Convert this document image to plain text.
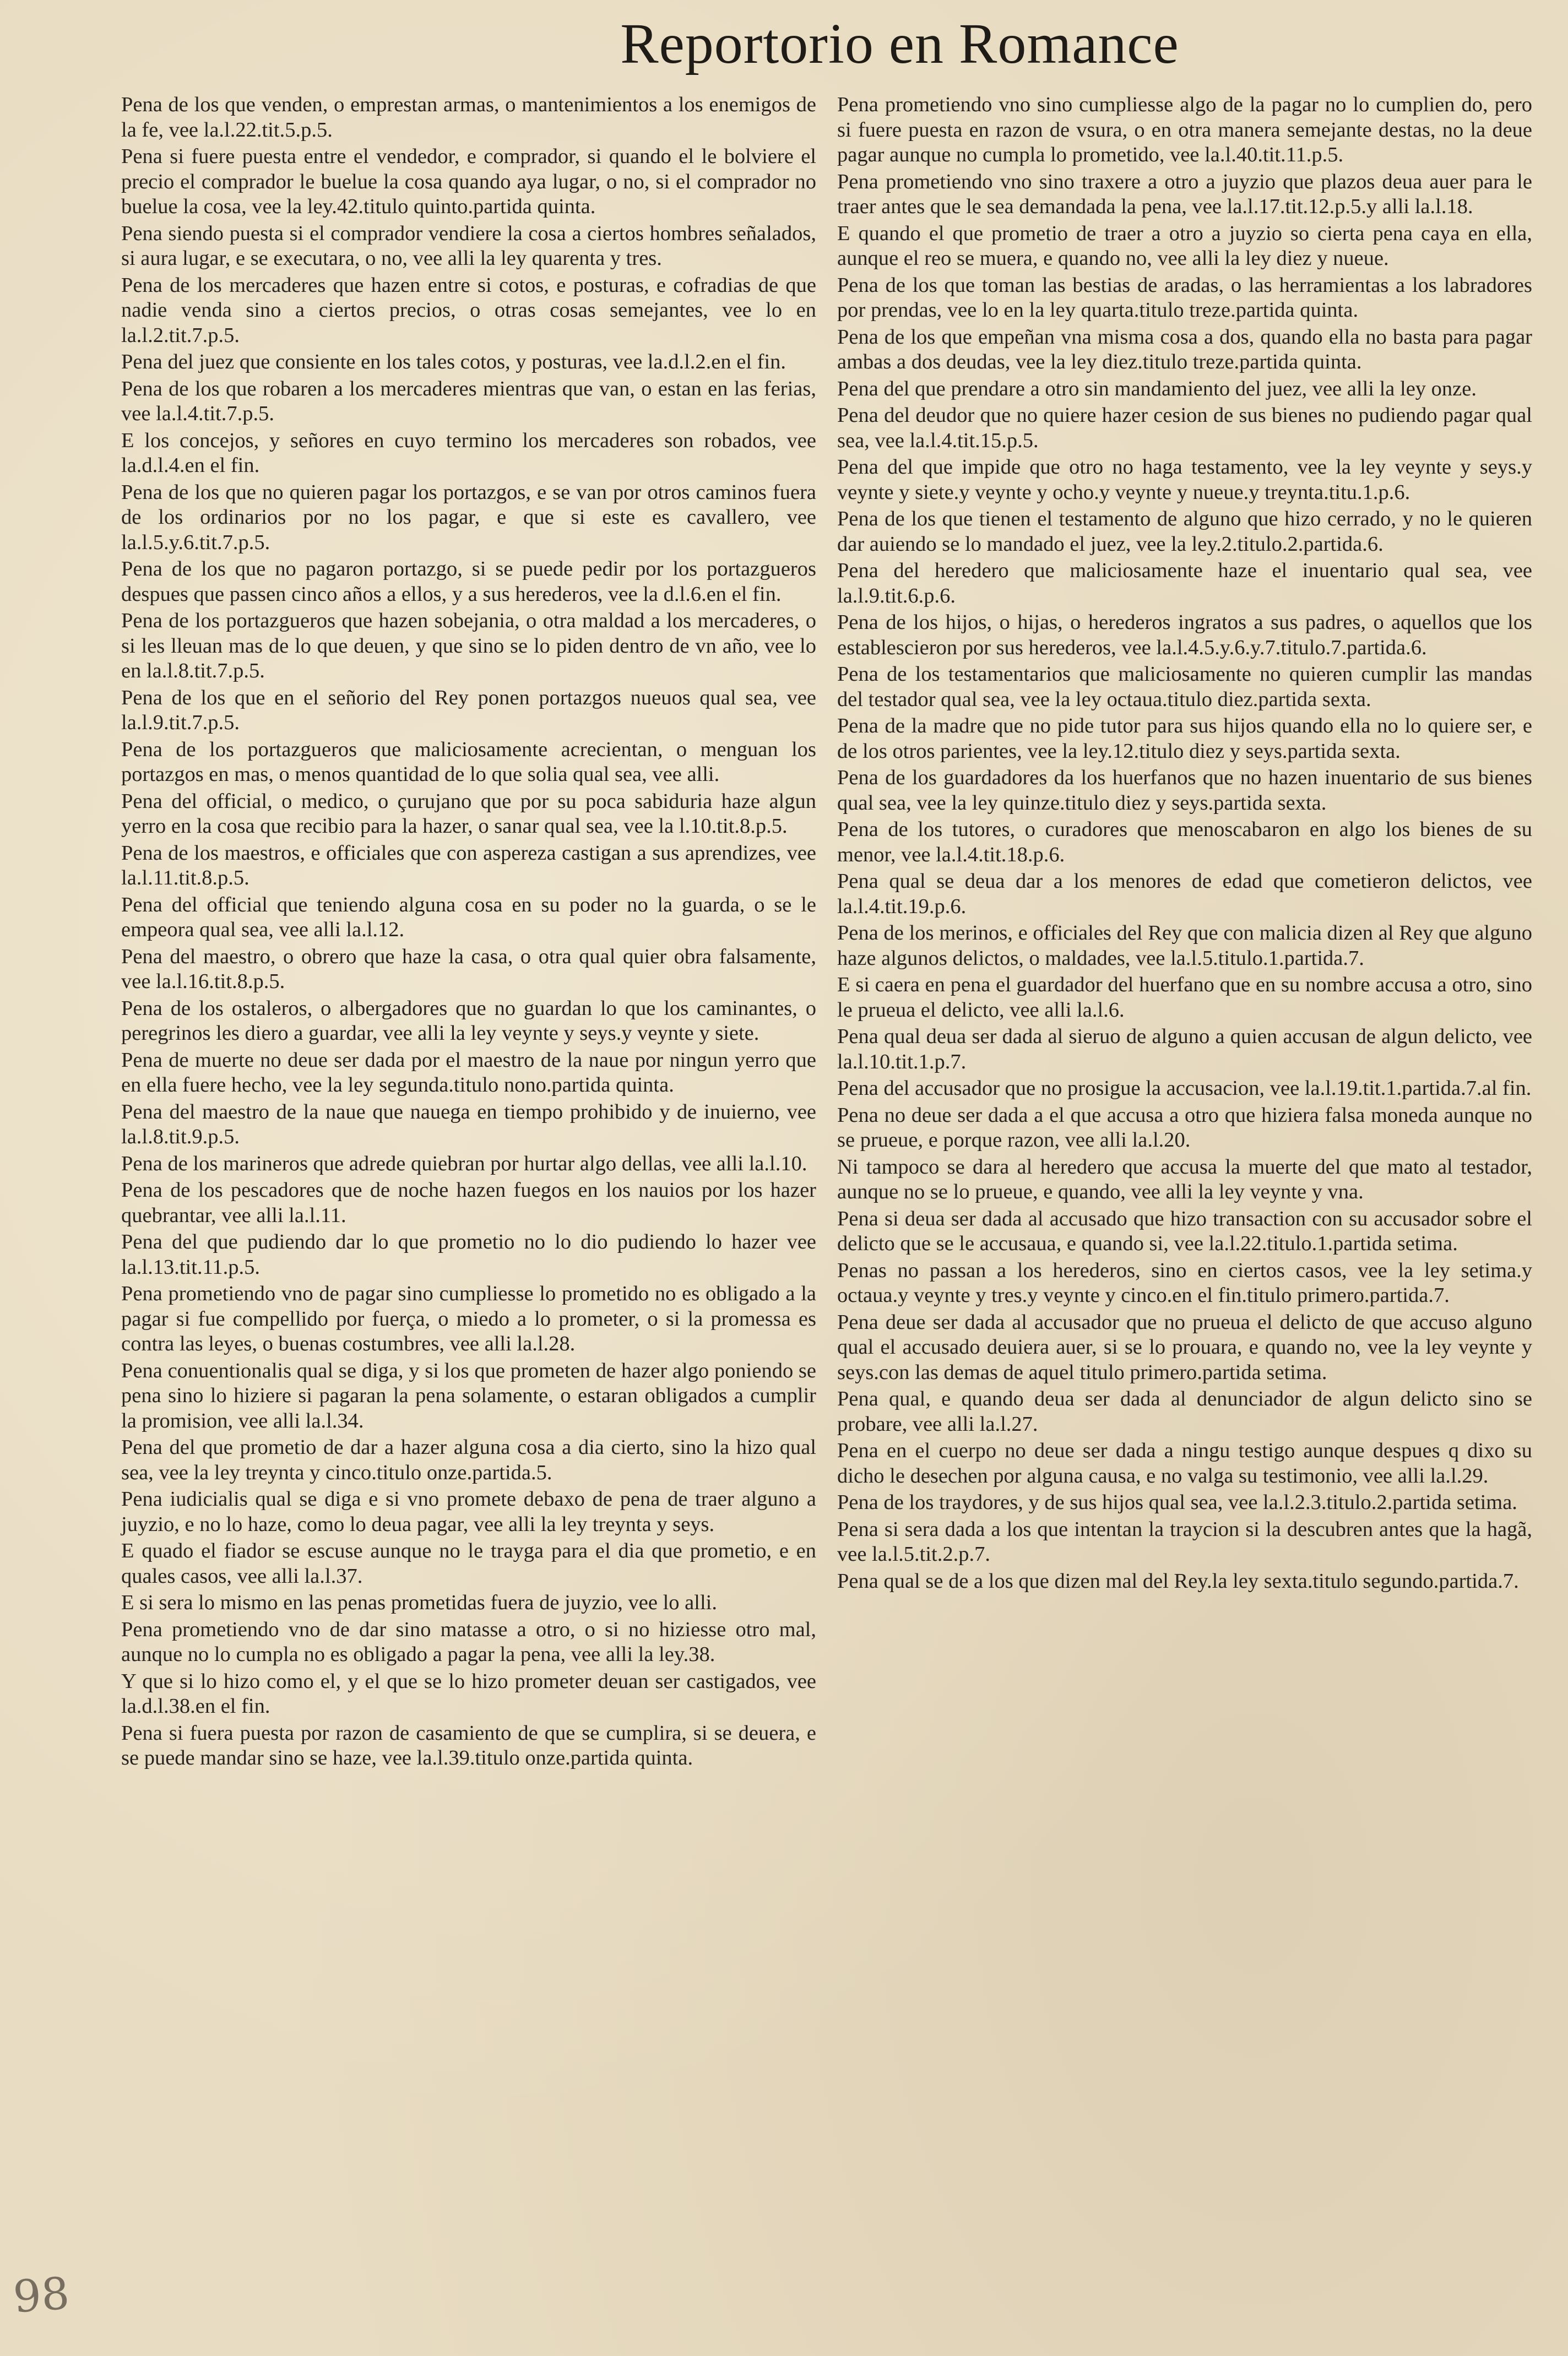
Reportorio en Romance

Pena de los que venden, o emprestan armas, o mantenimientos a los enemigos de la fe, vee la.l.22.tit.5.p.5.

Pena si fuere puesta entre el vendedor, e comprador, si quando el le bolviere el precio el comprador le buelue la cosa quando aya lugar, o no, si el comprador no buelue la cosa, vee la ley.42.titulo quinto.partida quinta.

Pena siendo puesta si el comprador vendiere la cosa a ciertos hombres señalados, si aura lugar, e se executara, o no, vee alli la ley quarenta y tres.

Pena de los mercaderes que hazen entre si cotos, e posturas, e cofradias de que nadie venda sino a ciertos precios, o otras cosas semejantes, vee lo en la.l.2.tit.7.p.5.

Pena del juez que consiente en los tales cotos, y posturas, vee la.d.l.2.en el fin.

Pena de los que robaren a los mercaderes mientras que van, o estan en las ferias, vee la.l.4.tit.7.p.5.

E los concejos, y señores en cuyo termino los mercaderes son robados, vee la.d.l.4.en el fin.

Pena de los que no quieren pagar los portazgos, e se van por otros caminos fuera de los ordinarios por no los pagar, e que si este es cavallero, vee la.l.5.y.6.tit.7.p.5.

Pena de los que no pagaron portazgo, si se puede pedir por los portazgueros despues que passen cinco años a ellos, y a sus herederos, vee la d.l.6.en el fin.

Pena de los portazgueros que hazen sobejania, o otra maldad a los mercaderes, o si les lleuan mas de lo que deuen, y que sino se lo piden dentro de vn año, vee lo en la.l.8.tit.7.p.5.

Pena de los que en el señorio del Rey ponen portazgos nueuos qual sea, vee la.l.9.tit.7.p.5.

Pena de los portazgueros que maliciosamente acrecientan, o menguan los portazgos en mas, o menos quantidad de lo que solia qual sea, vee alli.

Pena del official, o medico, o çurujano que por su poca sabiduria haze algun yerro en la cosa que recibio para la hazer, o sanar qual sea, vee la l.10.tit.8.p.5.

Pena de los maestros, e officiales que con aspereza castigan a sus aprendizes, vee la.l.11.tit.8.p.5.

Pena del official que teniendo alguna cosa en su poder no la guarda, o se le empeora qual sea, vee alli la.l.12.

Pena del maestro, o obrero que haze la casa, o otra qual quier obra falsamente, vee la.l.16.tit.8.p.5.

Pena de los ostaleros, o albergadores que no guardan lo que los caminantes, o peregrinos les diero a guardar, vee alli la ley veynte y seys.y veynte y siete.

Pena de muerte no deue ser dada por el maestro de la naue por ningun yerro que en ella fuere hecho, vee la ley segunda.titulo nono.partida quinta.

Pena del maestro de la naue que nauega en tiempo prohibido y de inuierno, vee la.l.8.tit.9.p.5.

Pena de los marineros que adrede quiebran por hurtar algo dellas, vee alli la.l.10.

Pena de los pescadores que de noche hazen fuegos en los nauios por los hazer quebrantar, vee alli la.l.11.

Pena del que pudiendo dar lo que prometio no lo dio pudiendo lo hazer vee la.l.13.tit.11.p.5.

Pena prometiendo vno de pagar sino cumpliesse lo prometido no es obligado a la pagar si fue compellido por fuerça, o miedo a lo prometer, o si la promessa es contra las leyes, o buenas costumbres, vee alli la.l.28.

Pena conuentionalis qual se diga, y si los que prometen de hazer algo poniendo se pena sino lo hiziere si pagaran la pena solamente, o estaran obligados a cumplir la promision, vee alli la.l.34.

Pena del que prometio de dar a hazer alguna cosa a dia cierto, sino la hizo qual sea, vee la ley treynta y cinco.titulo onze.partida.5.

Pena iudicialis qual se diga e si vno promete debaxo de pena de traer alguno a juyzio, e no lo haze, como lo deua pagar, vee alli la ley treynta y seys.

E quado el fiador se escuse aunque no le trayga para el dia que prometio, e en quales casos, vee alli la.l.37.

E si sera lo mismo en las penas prometidas fuera de juyzio, vee lo alli.

Pena prometiendo vno de dar sino matasse a otro, o si no hiziesse otro mal, aunque no lo cumpla no es obligado a pagar la pena, vee alli la ley.38.

Y que si lo hizo como el, y el que se lo hizo prometer deuan ser castigados, vee la.d.l.38.en el fin.

Pena si fuera puesta por razon de casamiento de que se cumplira, si se deuera, e se puede mandar sino se haze, vee la.l.39.titulo onze.partida quinta.

Pena prometiendo vno sino cumpliesse algo de la pagar no lo cumplien do, pero si fuere puesta en razon de vsura, o en otra manera semejante destas, no la deue pagar aunque no cumpla lo prometido, vee la.l.40.tit.11.p.5.

Pena prometiendo vno sino traxere a otro a juyzio que plazos deua auer para le traer antes que le sea demandada la pena, vee la.l.17.tit.12.p.5.y alli la.l.18.

E quando el que prometio de traer a otro a juyzio so cierta pena caya en ella, aunque el reo se muera, e quando no, vee alli la ley diez y nueue.

Pena de los que toman las bestias de aradas, o las herramientas a los labradores por prendas, vee lo en la ley quarta.titulo treze.partida quinta.

Pena de los que empeñan vna misma cosa a dos, quando ella no basta para pagar ambas a dos deudas, vee la ley diez.titulo treze.partida quinta.

Pena del que prendare a otro sin mandamiento del juez, vee alli la ley onze.

Pena del deudor que no quiere hazer cesion de sus bienes no pudiendo pagar qual sea, vee la.l.4.tit.15.p.5.

Pena del que impide que otro no haga testamento, vee la ley veynte y seys.y veynte y siete.y veynte y ocho.y veynte y nueue.y treynta.titu.1.p.6.

Pena de los que tienen el testamento de alguno que hizo cerrado, y no le quieren dar auiendo se lo mandado el juez, vee la ley.2.titulo.2.partida.6.

Pena del heredero que maliciosamente haze el inuentario qual sea, vee la.l.9.tit.6.p.6.

Pena de los hijos, o hijas, o herederos ingratos a sus padres, o aquellos que los establescieron por sus herederos, vee la.l.4.5.y.6.y.7.titulo.7.partida.6.

Pena de los testamentarios que maliciosamente no quieren cumplir las mandas del testador qual sea, vee la ley octaua.titulo diez.partida sexta.

Pena de la madre que no pide tutor para sus hijos quando ella no lo quiere ser, e de los otros parientes, vee la ley.12.titulo diez y seys.partida sexta.

Pena de los guardadores da los huerfanos que no hazen inuentario de sus bienes qual sea, vee la ley quinze.titulo diez y seys.partida sexta.

Pena de los tutores, o curadores que menoscabaron en algo los bienes de su menor, vee la.l.4.tit.18.p.6.

Pena qual se deua dar a los menores de edad que cometieron delictos, vee la.l.4.tit.19.p.6.

Pena de los merinos, e officiales del Rey que con malicia dizen al Rey que alguno haze algunos delictos, o maldades, vee la.l.5.titulo.1.partida.7.

E si caera en pena el guardador del huerfano que en su nombre accusa a otro, sino le prueua el delicto, vee alli la.l.6.

Pena qual deua ser dada al sieruo de alguno a quien accusan de algun delicto, vee la.l.10.tit.1.p.7.

Pena del accusador que no prosigue la accusacion, vee la.l.19.tit.1.partida.7.al fin.

Pena no deue ser dada a el que accusa a otro que hiziera falsa moneda aunque no se prueue, e porque razon, vee alli la.l.20.

Ni tampoco se dara al heredero que accusa la muerte del que mato al testador, aunque no se lo prueue, e quando, vee alli la ley veynte y vna.

Pena si deua ser dada al accusado que hizo transaction con su accusador sobre el delicto que se le accusaua, e quando si, vee la.l.22.titulo.1.partida setima.

Penas no passan a los herederos, sino en ciertos casos, vee la ley setima.y octaua.y veynte y tres.y veynte y cinco.en el fin.titulo primero.partida.7.

Pena deue ser dada al accusador que no prueua el delicto de que accuso alguno qual el accusado deuiera auer, si se lo prouara, e quando no, vee la ley veynte y seys.con las demas de aquel titulo primero.partida setima.

Pena qual, e quando deua ser dada al denunciador de algun delicto sino se probare, vee alli la.l.27.

Pena en el cuerpo no deue ser dada a ningu testigo aunque despues q dixo su dicho le desechen por alguna causa, e no valga su testimonio, vee alli la.l.29.

Pena de los traydores, y de sus hijos qual sea, vee la.l.2.3.titulo.2.partida setima.

Pena si sera dada a los que intentan la traycion si la descubren antes que la hagã, vee la.l.5.tit.2.p.7.

Pena qual se de a los que dizen mal del Rey.la ley sexta.titulo segundo.partida.7.

98
